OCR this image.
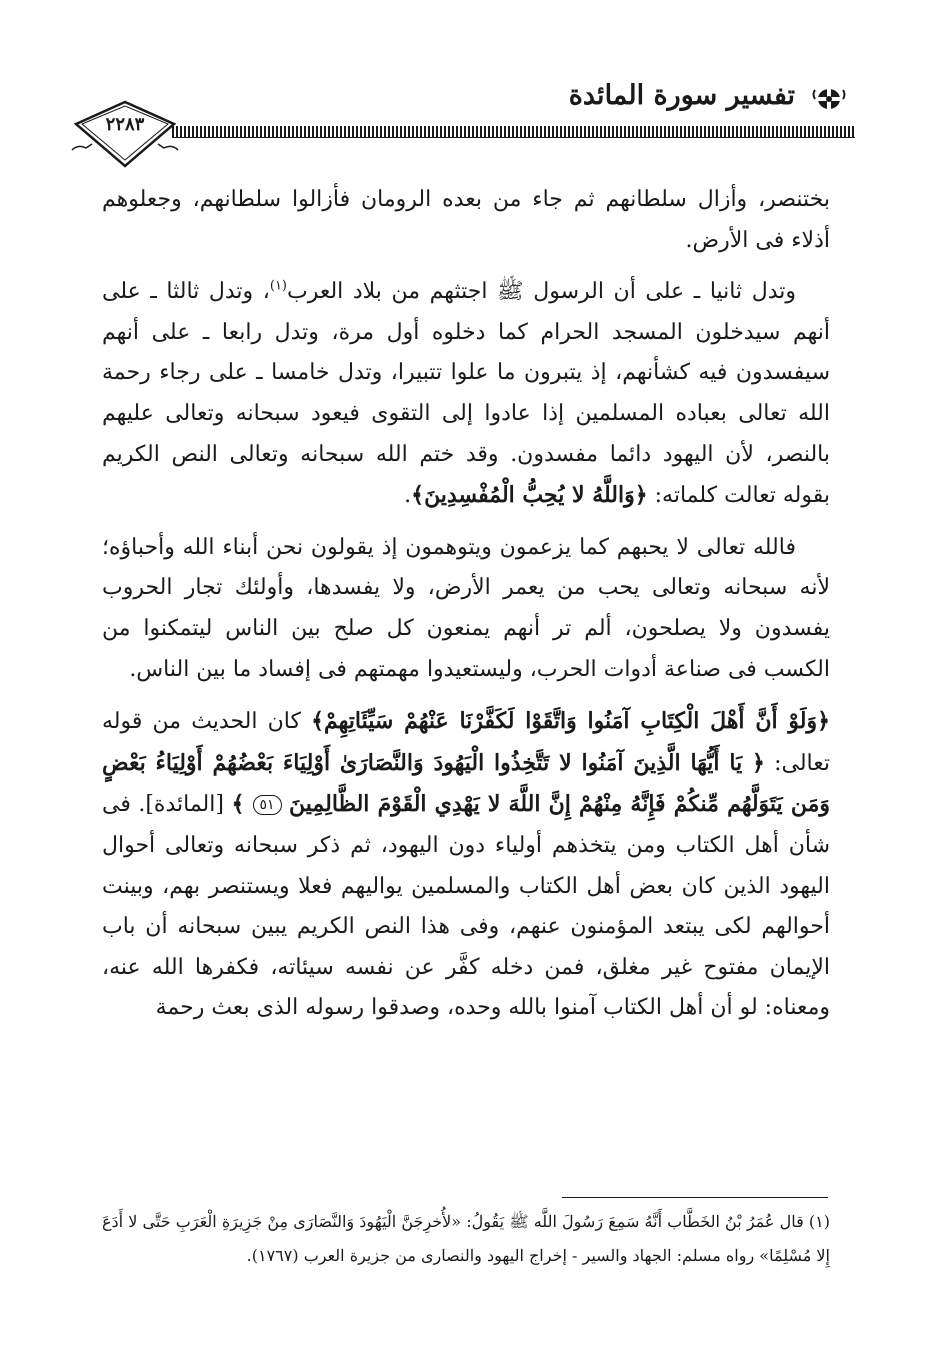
تفسير سورة المائدة
٢٢٨٣

بختنصر، وأزال سلطانهم ثم جاء من بعده الرومان فأزالوا سلطانهم، وجعلوهم أذلاء فى الأرض.

وتدل ثانيا ـ على أن الرسول ﷺ اجتثهم من بلاد العرب$^{(١)}$، وتدل ثالثا ـ على أنهم سيدخلون المسجد الحرام كما دخلوه أول مرة، وتدل رابعا ـ على أنهم سيفسدون فيه كشأنهم، إذ يتبرون ما علوا تتبيرا، وتدل خامسا ـ على رجاء رحمة الله تعالى بعباده المسلمين إذا عادوا إلى التقوى فيعود سبحانه وتعالى عليهم بالنصر، لأن اليهود دائما مفسدون. وقد ختم الله سبحانه وتعالى النص الكريم بقوله تعالت كلماته: ﴿وَاللَّهُ لا يُحِبُّ الْمُفْسِدِينَ﴾.

فالله تعالى لا يحبهم كما يزعمون ويتوهمون إذ يقولون نحن أبناء الله وأحباؤه؛ لأنه سبحانه وتعالى يحب من يعمر الأرض، ولا يفسدها، وأولئك تجار الحروب يفسدون ولا يصلحون، ألم تر أنهم يمنعون كل صلح بين الناس ليتمكنوا من الكسب فى صناعة أدوات الحرب، وليستعيدوا مهمتهم فى إفساد ما بين الناس.

﴿وَلَوْ أَنَّ أَهْلَ الْكِتَابِ آمَنُوا وَاتَّقَوْا لَكَفَّرْنَا عَنْهُمْ سَيِّئَاتِهِمْ﴾ كان الحديث من قوله تعالى: ﴿ يَا أَيُّهَا الَّذِينَ آمَنُوا لا تَتَّخِذُوا الْيَهُودَ وَالنَّصَارَىٰ أَوْلِيَاءَ بَعْضُهُمْ أَوْلِيَاءُ بَعْضٍ وَمَن يَتَوَلَّهُم مِّنكُمْ فَإِنَّهُ مِنْهُمْ إِنَّ اللَّهَ لا يَهْدِي الْقَوْمَ الظَّالِمِينَ ٥١ ﴾ [المائدة]. فى شأن أهل الكتاب ومن يتخذهم أولياء دون اليهود، ثم ذكر سبحانه وتعالى أحوال اليهود الذين كان بعض أهل الكتاب والمسلمين يواليهم فعلا ويستنصر بهم، وبينت أحوالهم لكى يبتعد المؤمنون عنهم، وفى هذا النص الكريم يبين سبحانه أن باب الإيمان مفتوح غير مغلق، فمن دخله كفَّر عن نفسه سيئاته، فكفرها الله عنه، ومعناه: لو أن أهل الكتاب آمنوا بالله وحده، وصدقوا رسوله الذى بعث رحمة

(١) قال عُمَرُ بْنُ الخَطَّاب أَنَّهُ سَمِعَ رَسُولَ اللَّه ﷺ يَقُولُ: «لأُخرِجَنَّ الْيَهُودَ وَالنَّصَارَى مِنْ جَزِيرَةِ الْعَرَبِ حَتَّى لا أَدَعَ إِلا مُسْلِمًا» رواه مسلم: الجهاد والسير - إخراج اليهود والنصارى من جزيرة العرب (١٧٦٧).
